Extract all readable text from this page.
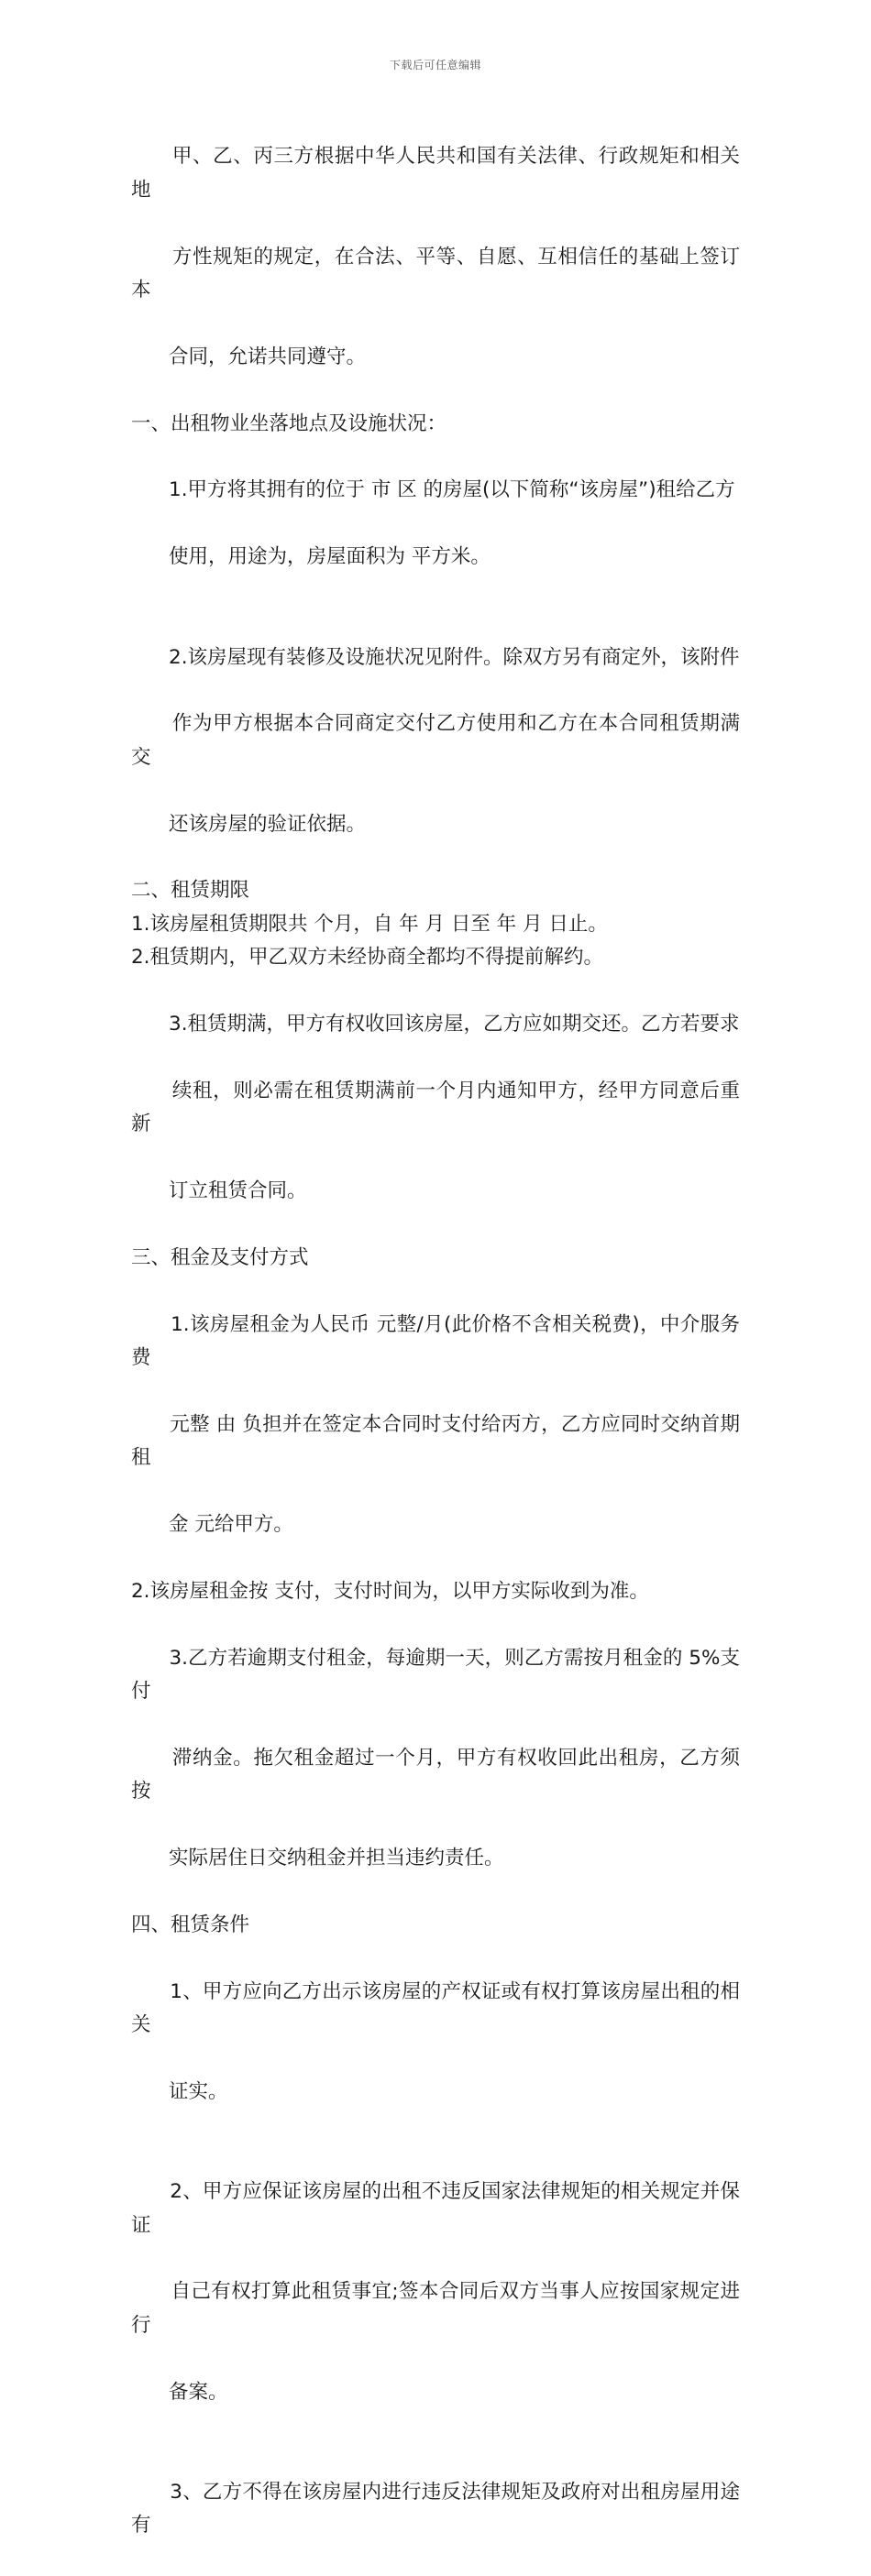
下载后可任意编辑

甲、乙、丙三方根据中华人民共和国有关法律、行政规矩和相关地

方性规矩的规定，在合法、平等、自愿、互相信任的基础上签订本

合同，允诺共同遵守。

一、出租物业坐落地点及设施状况：

1.甲方将其拥有的位于 市 区 的房屋(以下简称“该房屋”)租给乙方

使用，用途为，房屋面积为 平方米。

2.该房屋现有装修及设施状况见附件。除双方另有商定外，该附件

作为甲方根据本合同商定交付乙方使用和乙方在本合同租赁期满交

还该房屋的验证依据。

二、租赁期限

1.该房屋租赁期限共 个月，自 年 月 日至 年 月 日止。

2.租赁期内，甲乙双方未经协商全都均不得提前解约。

3.租赁期满，甲方有权收回该房屋，乙方应如期交还。乙方若要求

续租，则必需在租赁期满前一个月内通知甲方，经甲方同意后重新

订立租赁合同。

三、租金及支付方式

1.该房屋租金为人民币 元整/月(此价格不含相关税费)，中介服务费

元整 由 负担并在签定本合同时支付给丙方，乙方应同时交纳首期租

金 元给甲方。

2.该房屋租金按 支付，支付时间为，以甲方实际收到为准。

3.乙方若逾期支付租金，每逾期一天，则乙方需按月租金的 5%支付

滞纳金。拖欠租金超过一个月，甲方有权收回此出租房，乙方须按

实际居住日交纳租金并担当违约责任。

四、租赁条件

1、甲方应向乙方出示该房屋的产权证或有权打算该房屋出租的相关

证实。

2、甲方应保证该房屋的出租不违反国家法律规矩的相关规定并保证

自己有权打算此租赁事宜;签本合同后双方当事人应按国家规定进行

备案。

3、乙方不得在该房屋内进行违反法律规矩及政府对出租房屋用途有
